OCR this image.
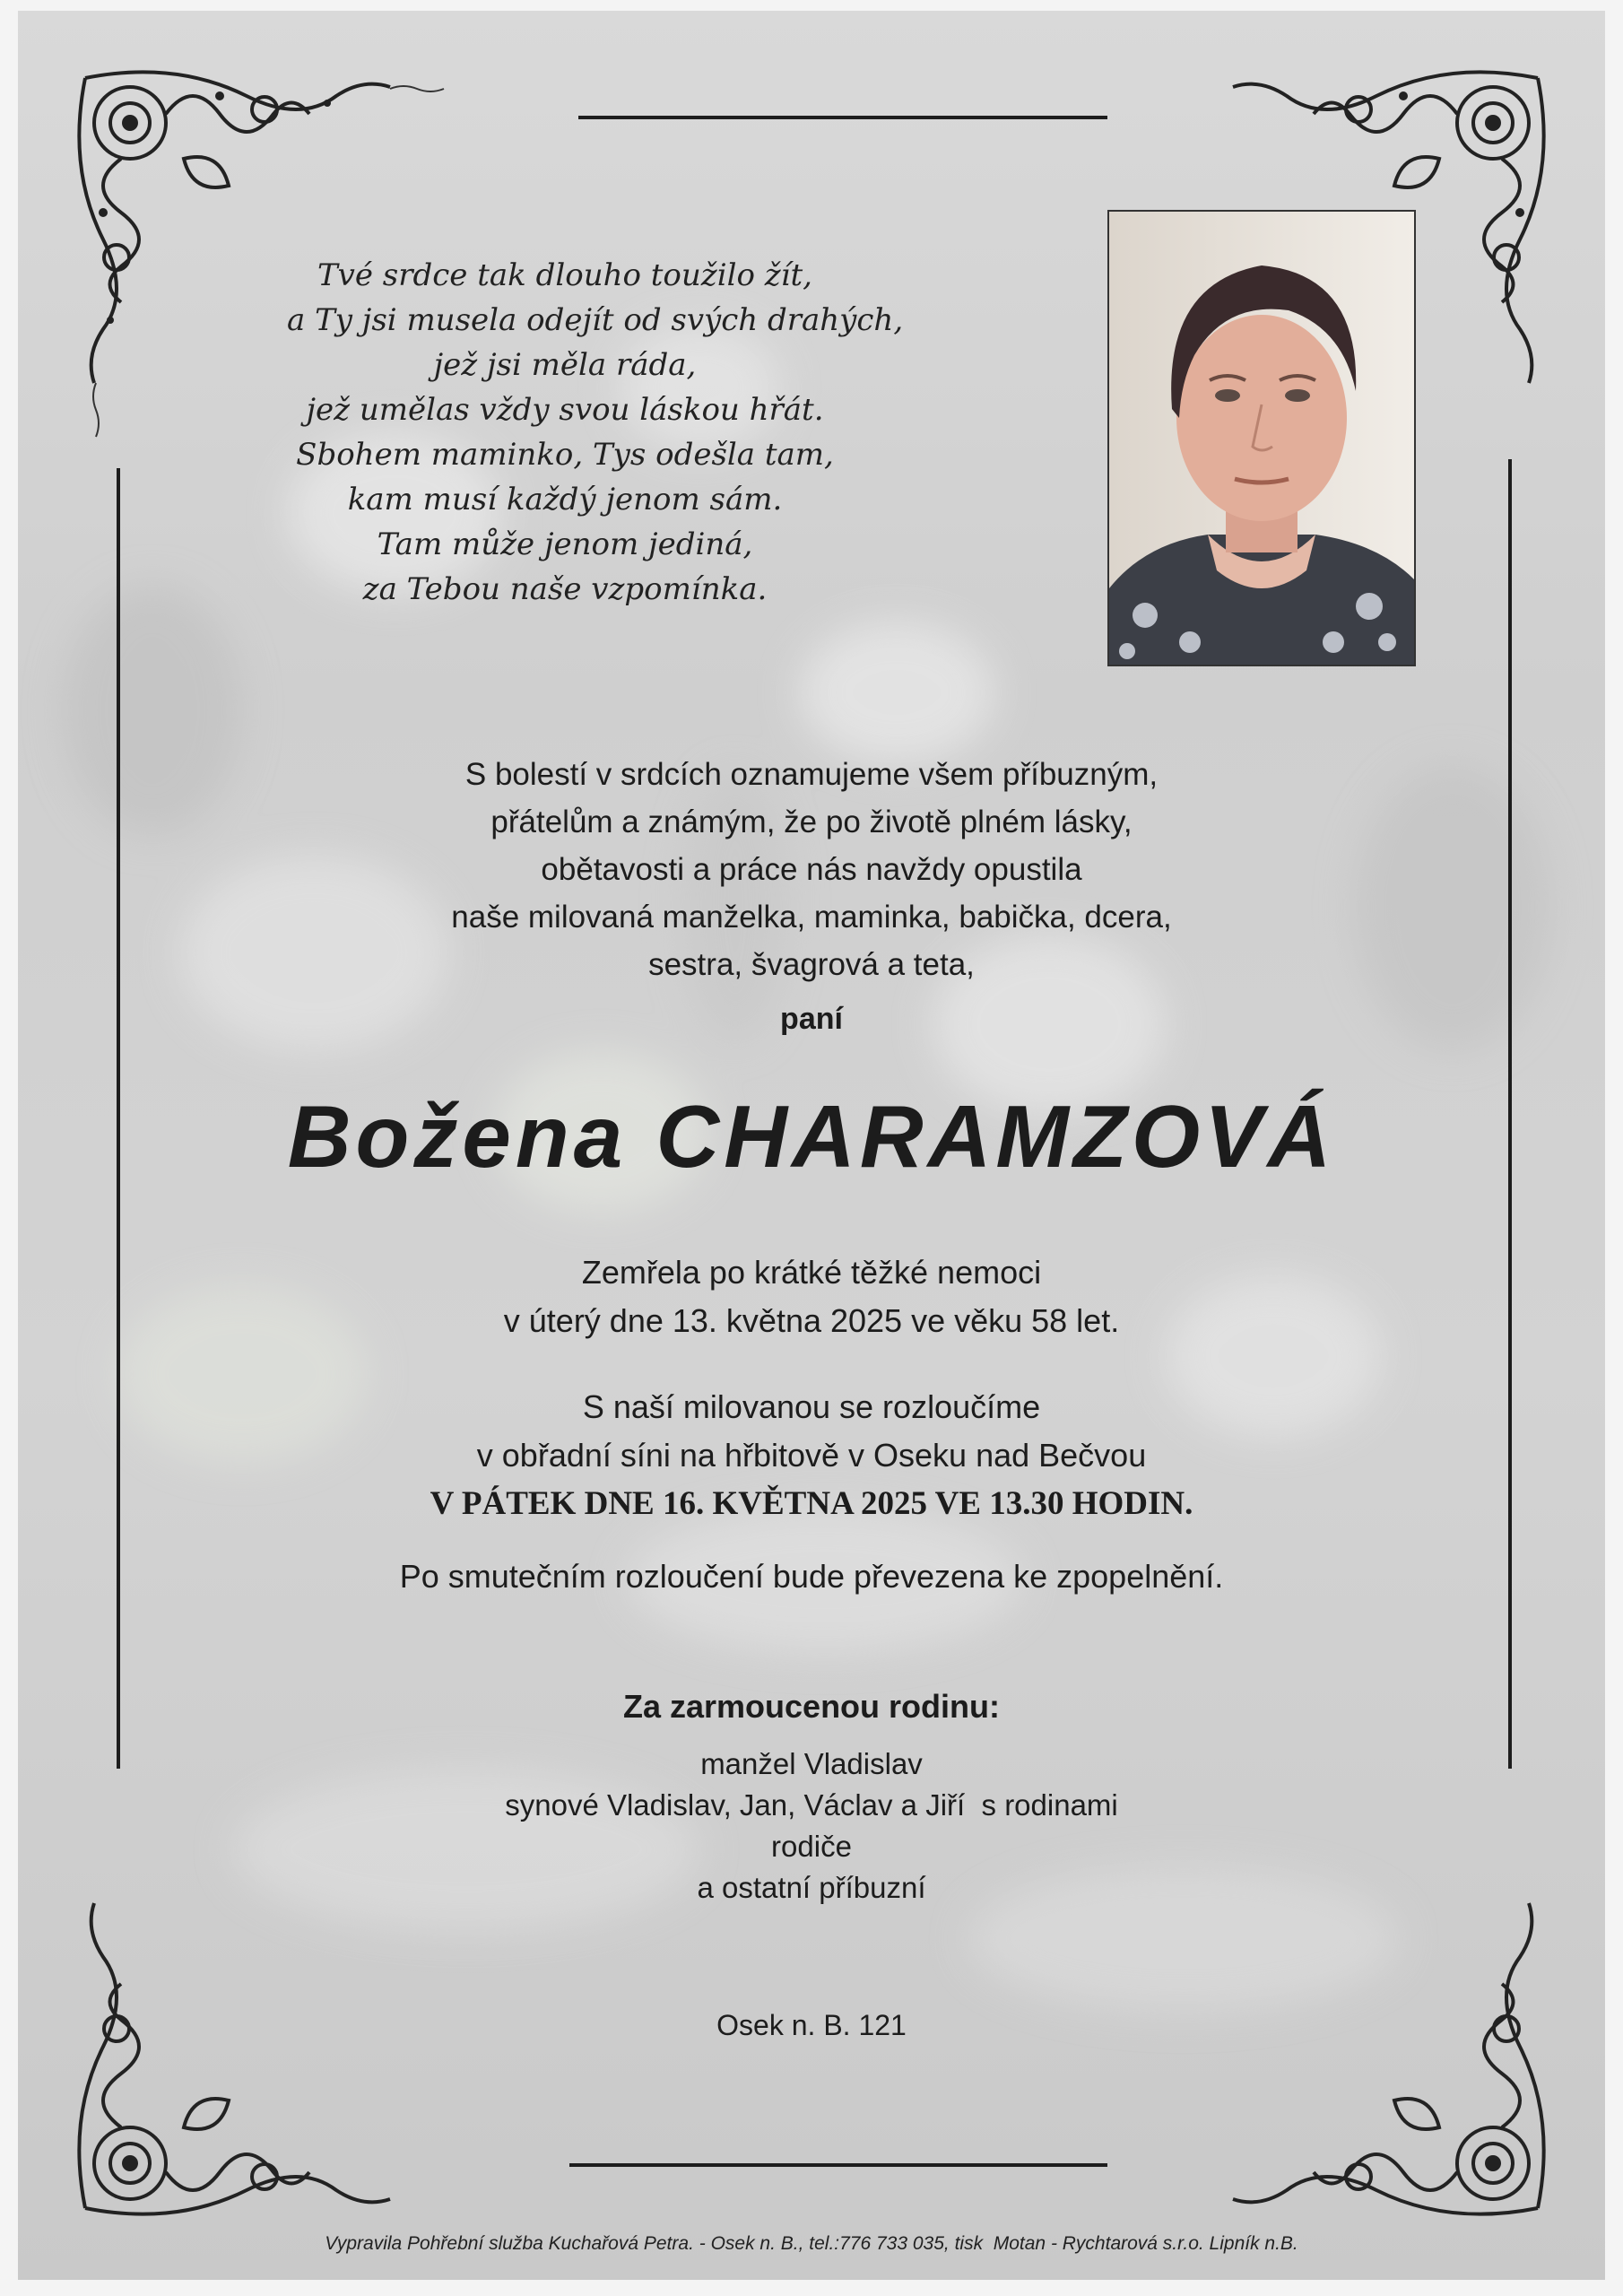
Tvé srdce tak dlouho toužilo žít,
a Ty jsi musela odejít od svých drahých,
jež jsi měla ráda,
jež umělas vždy svou láskou hřát.
Sbohem maminko, Tys odešla tam,
kam musí každý jenom sám.
Tam může jenom jediná,
za Tebou naše vzpomínka.
S bolestí v srdcích oznamujeme všem příbuzným,
přátelům a známým, že po životě plném lásky,
obětavosti a práce nás navždy opustila
naše milovaná manželka, maminka, babička, dcera,
sestra, švagrová a teta,
paní
Božena CHARAMZOVÁ
Zemřela po krátké těžké nemoci
v úterý dne 13. května 2025 ve věku 58 let.
S naší milovanou se rozloučíme
v obřadní síni na hřbitově v Oseku nad Bečvou
V PÁTEK DNE 16. KVĚTNA 2025 VE 13.30 HODIN.
Po smutečním rozloučení bude převezena ke zpopelnění.
Za zarmoucenou rodinu:
manžel Vladislav
synové Vladislav, Jan, Václav a Jiří  s rodinami
rodiče
a ostatní příbuzní
Osek n. B. 121
Vypravila Pohřební služba Kuchařová Petra. - Osek n. B., tel.:776 733 035, tisk  Motan - Rychtarová s.r.o. Lipník n.B.
